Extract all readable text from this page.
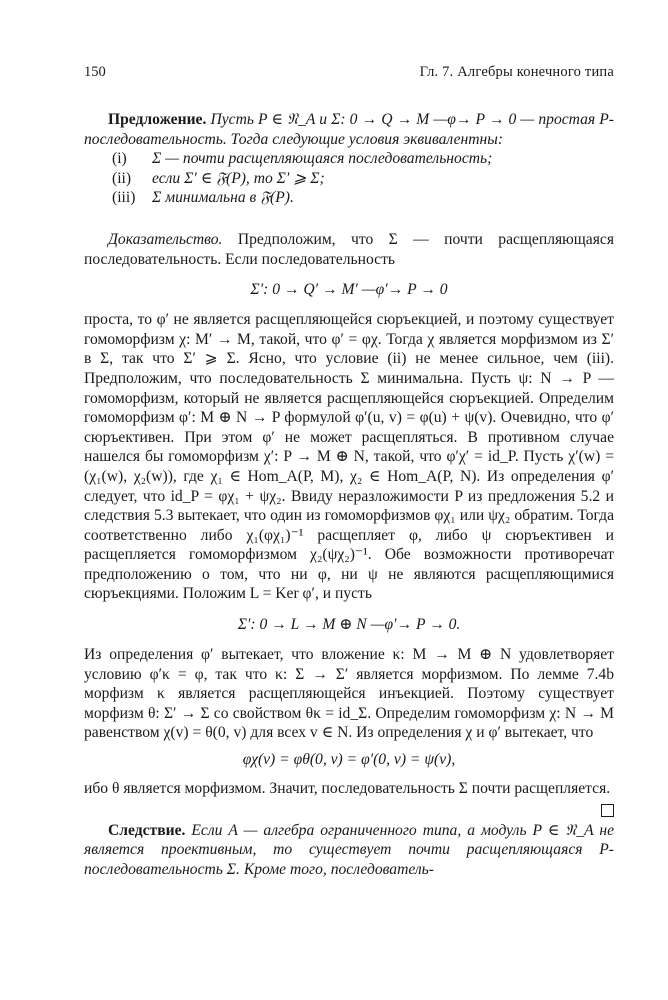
150	Гл. 7. Алгебры конечного типа

Предложение. Пусть P ∈ 𝔑_A и Σ: 0 → Q → M —φ→ P → 0 — простая P-последовательность. Тогда следующие условия эквивалентны:

(i) Σ — почти расщепляющаяся последовательность;
(ii) если Σ′ ∈ 𝔉(P), то Σ′ ⩾ Σ;
(iii) Σ минимальна в 𝔉(P).

Доказательство. Предположим, что Σ — почти расщепляющаяся последовательность. Если последовательность

Σ′: 0 → Q′ → M′ —φ′→ P → 0

проста, то φ′ не является расщепляющейся сюръекцией, и поэтому существует гомоморфизм χ: M′ → M, такой, что φ′ = φχ. Тогда χ является морфизмом из Σ′ в Σ, так что Σ′ ⩾ Σ. Ясно, что условие (ii) не менее сильное, чем (iii). Предположим, что последовательность Σ минимальна. Пусть ψ: N → P — гомоморфизм, который не является расщепляющейся сюръекцией. Определим гомоморфизм φ′: M ⊕ N → P формулой φ′(u, v) = φ(u) + ψ(v). Очевидно, что φ′ сюръективен. При этом φ′ не может расщепляться. В противном случае нашелся бы гомоморфизм χ′: P → M ⊕ N, такой, что φ′χ′ = id_P. Пусть χ′(w) = (χ₁(w), χ₂(w)), где χ₁ ∈ Hom_A(P, M), χ₂ ∈ Hom_A(P, N). Из определения φ′ следует, что id_P = φχ₁ + ψχ₂. Ввиду неразложимости P из предложения 5.2 и следствия 5.3 вытекает, что один из гомоморфизмов φχ₁ или ψχ₂ обратим. Тогда соответственно либо χ₁(φχ₁)⁻¹ расщепляет φ, либо ψ сюръективен и расщепляется гомоморфизмом χ₂(ψχ₂)⁻¹. Обе возможности противоречат предположению о том, что ни φ, ни ψ не являются расщепляющимися сюръекциями. Положим L = Ker φ′, и пусть

Σ′: 0 → L → M ⊕ N —φ′→ P → 0.

Из определения φ′ вытекает, что вложение κ: M → M ⊕ N удовлетворяет условию φ′κ = φ, так что κ: Σ → Σ′ является морфизмом. По лемме 7.4b морфизм κ является расщепляющейся инъекцией. Поэтому существует морфизм θ: Σ′ → Σ со свойством θκ = id_Σ. Определим гомоморфизм χ: N → M равенством χ(v) = θ(0, v) для всех v ∈ N. Из определения χ и φ′ вытекает, что

φχ(v) = φθ(0, v) = φ′(0, v) = ψ(v),

ибо θ является морфизмом. Значит, последовательность Σ почти расщепляется.

Следствие. Если A — алгебра ограниченного типа, а модуль P ∈ 𝔑_A не является проективным, то существует почти расщепляющаяся P-последовательность Σ. Кроме того, последователь-
